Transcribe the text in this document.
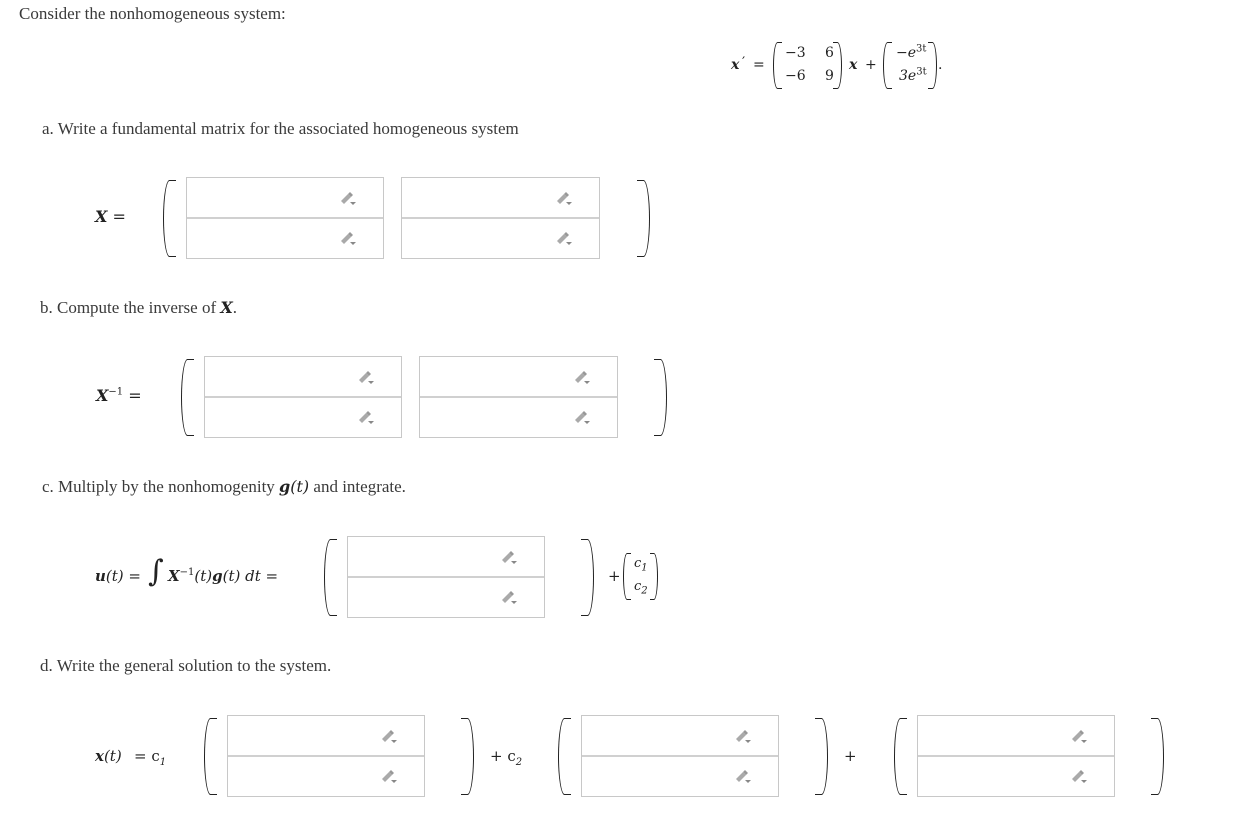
Consider the nonhomogeneous system:
x ′ =
−3 6
−6 9
x +
$-e^{3t}$
$3e^{3t}$ .
a. Write a fundamental matrix for the associated homogeneous system
X =
b. Compute the inverse of X.
$X^{-1}$ =
c. Multiply by the nonhomogenity g(t) and integrate.
u(t) = ∫ $X^{-1}(t)g(t)$ dt =	+
$c_1$
$c_2$
d. Write the general solution to the system.
$x(t) = c_1$	+ $c_2$	+
